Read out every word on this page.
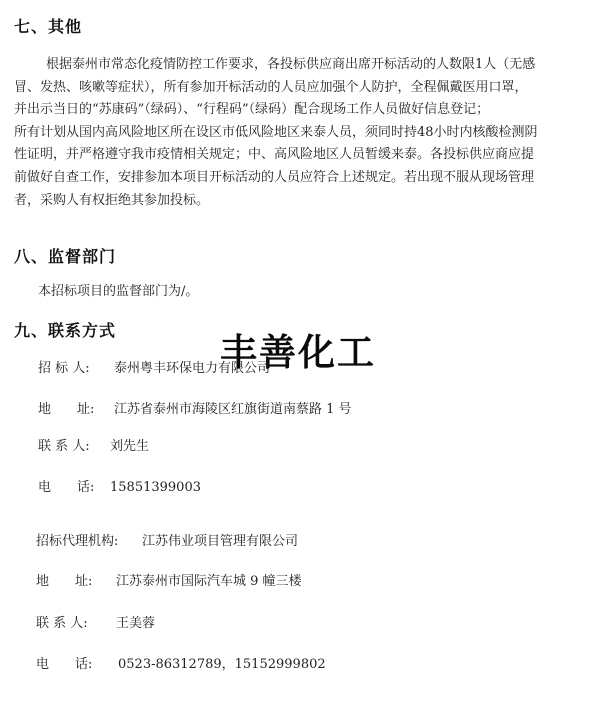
七、其他
根据泰州市常态化疫情防控工作要求，各投标供应商出席开标活动的人数限1人（无感
冒、发热、咳嗽等症状），所有参加开标活动的人员应加强个人防护，全程佩戴医用口罩，
并出示当日的“苏康码”（绿码）、“行程码”（绿码）配合现场工作人员做好信息登记；
所有计划从国内高风险地区所在设区市低风险地区来泰人员，须同时持48小时内核酸检测阴
性证明，并严格遵守我市疫情相关规定；中、高风险地区人员暂缓来泰。各投标供应商应提
前做好自查工作，安排参加本项目开标活动的人员应符合上述规定。若出现不服从现场管理
者，采购人有权拒绝其参加投标。
八、监督部门
本招标项目的监督部门为/。
九、联系方式
招 标 人: 泰州粤丰环保电力有限公司
地　　址: 江苏省泰州市海陵区红旗街道南蔡路 1 号
联 系 人: 刘先生
电　　话: 15851399003
招标代理机构: 江苏伟业项目管理有限公司
地　　址: 江苏泰州市国际汽车城 9 幢三楼
联 系 人: 王美蓉
电　　话: 0523-86312789，15152999802
丰善化工
